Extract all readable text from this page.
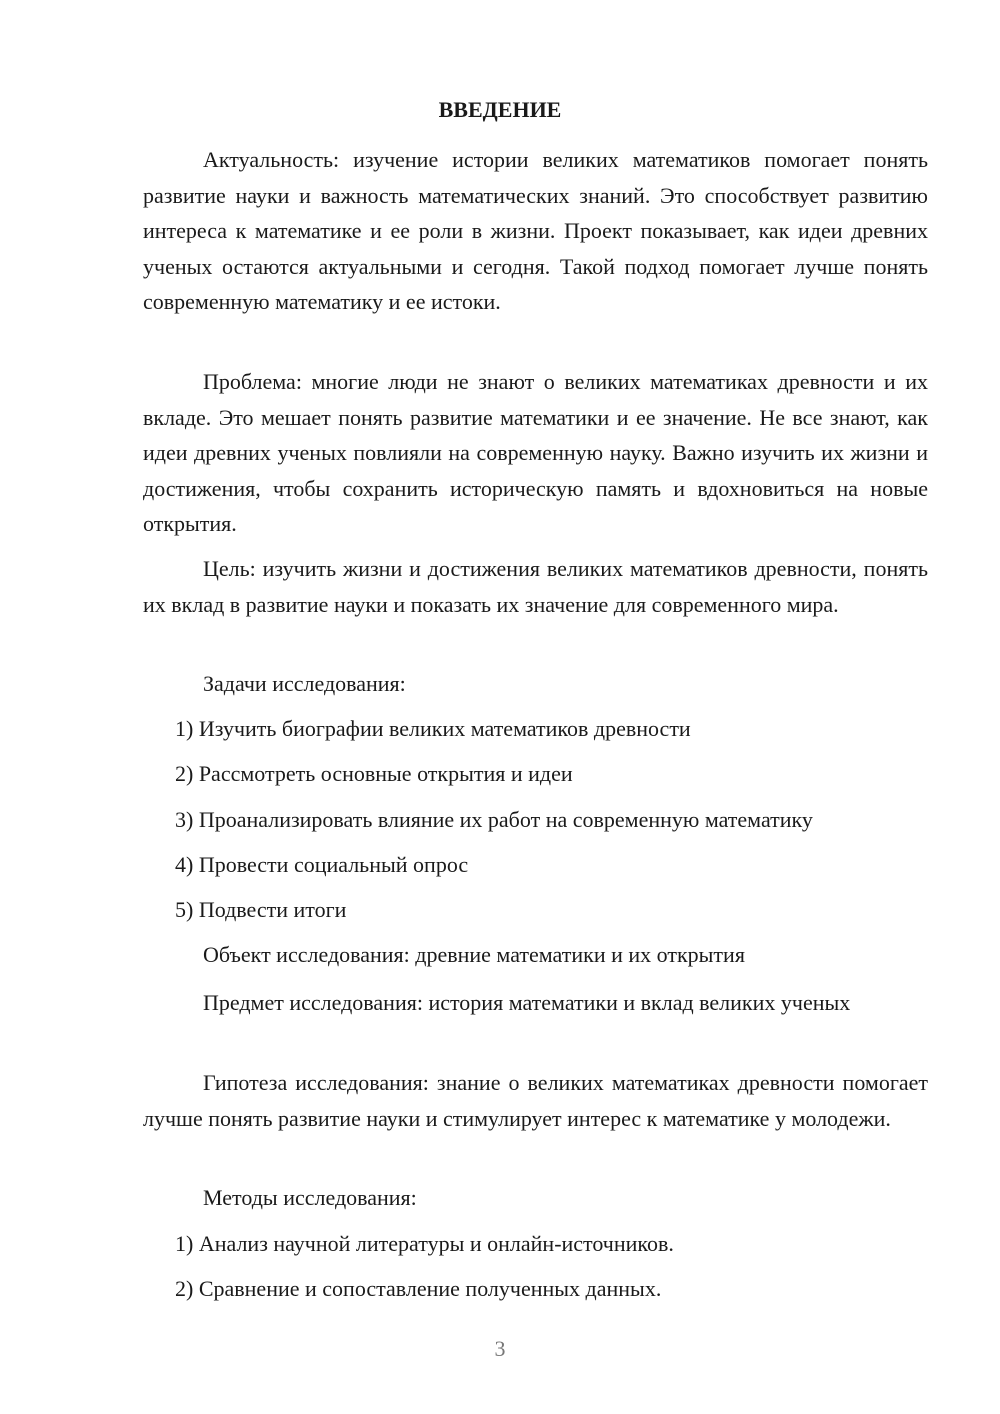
ВВЕДЕНИЕ

Актуальность: изучение истории великих математиков помогает понять развитие науки и важность математических знаний. Это способствует развитию интереса к математике и ее роли в жизни. Проект показывает, как идеи древних ученых остаются актуальными и сегодня. Такой подход помогает лучше понять современную математику и ее истоки.

Проблема: многие люди не знают о великих математиках древности и их вкладе. Это мешает понять развитие математики и ее значение. Не все знают, как идеи древних ученых повлияли на современную науку. Важно изучить их жизни и достижения, чтобы сохранить историческую память и вдохновиться на новые открытия.

Цель: изучить жизни и достижения великих математиков древности, понять их вклад в развитие науки и показать их значение для современного мира.

Задачи исследования:

1) Изучить биографии великих математиков древности

2) Рассмотреть основные открытия и идеи

3) Проанализировать влияние их работ на современную математику

4) Провести социальный опрос

5) Подвести итоги

Объект исследования: древние математики и их открытия

Предмет исследования: история математики и вклад великих ученых

Гипотеза исследования: знание о великих математиках древности помогает лучше понять развитие науки и стимулирует интерес к математике у молодежи.

Методы исследования:

1) Анализ научной литературы и онлайн-источников.

2) Сравнение и сопоставление полученных данных.

3
